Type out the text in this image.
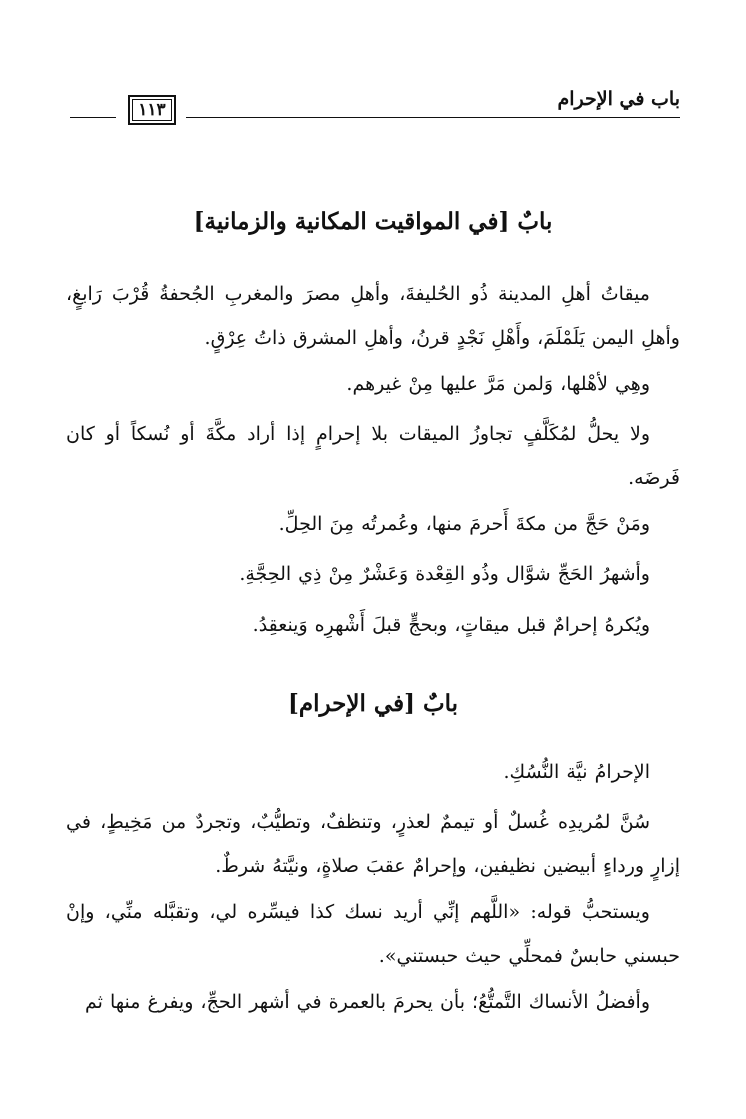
باب في الإحرام
١١٣
بابٌ [في المواقيت المكانية والزمانية]
ميقاتُ أهلِ المدينة ذُو الحُليفةَ، وأهلِ مصرَ والمغربِ الجُحفةُ قُرْبَ رَابغٍ، وأهلِ اليمن يَلَمْلَمَ، وأَهْلِ نَجْدٍ قرنُ، وأهلِ المشرق ذاتُ عِرْقٍ.
وهِي لأهْلها، وَلمن مَرَّ عليها مِنْ غيرهم.
ولا يحلُّ لمُكَلَّفٍ تجاوزُ الميقات بلا إحرامٍ إذا أراد مكَّةَ أو نُسكاً أو كان فَرضَه.
ومَنْ حَجَّ من مكةَ أَحرمَ منها، وعُمرتُه مِنَ الحِلِّ.
وأشهرُ الحَجِّ شوَّال وذُو القِعْدة وَعَشْرٌ مِنْ ذِي الحِجَّةِ.
ويُكرهُ إحرامٌ قبل ميقاتٍ، وبحجٍّ قبلَ أَشْهرِه وَينعقِدُ.
بابٌ [في الإحرام]
الإحرامُ نيَّة النُّسُكِ.
سُنَّ لمُريدِه غُسلٌ أو تيممٌ لعذرٍ، وتنظفٌ، وتطيُّبٌ، وتجردٌ من مَخِيطٍ، في إزارٍ ورداءٍ أبيضين نظيفين، وإحرامٌ عقبَ صلاةٍ، ونيَّتهُ شرطٌ.
ويستحبُّ قوله: «اللَّهم إنِّي أريد نسك كذا فيسِّره لي، وتقبَّله منِّي، وإنْ حبسني حابسٌ فمحلِّي حيث حبستني».
وأفضلُ الأنساك التَّمتُّعُ؛ بأن يحرمَ بالعمرة في أشهر الحجِّ، ويفرغ منها ثم
